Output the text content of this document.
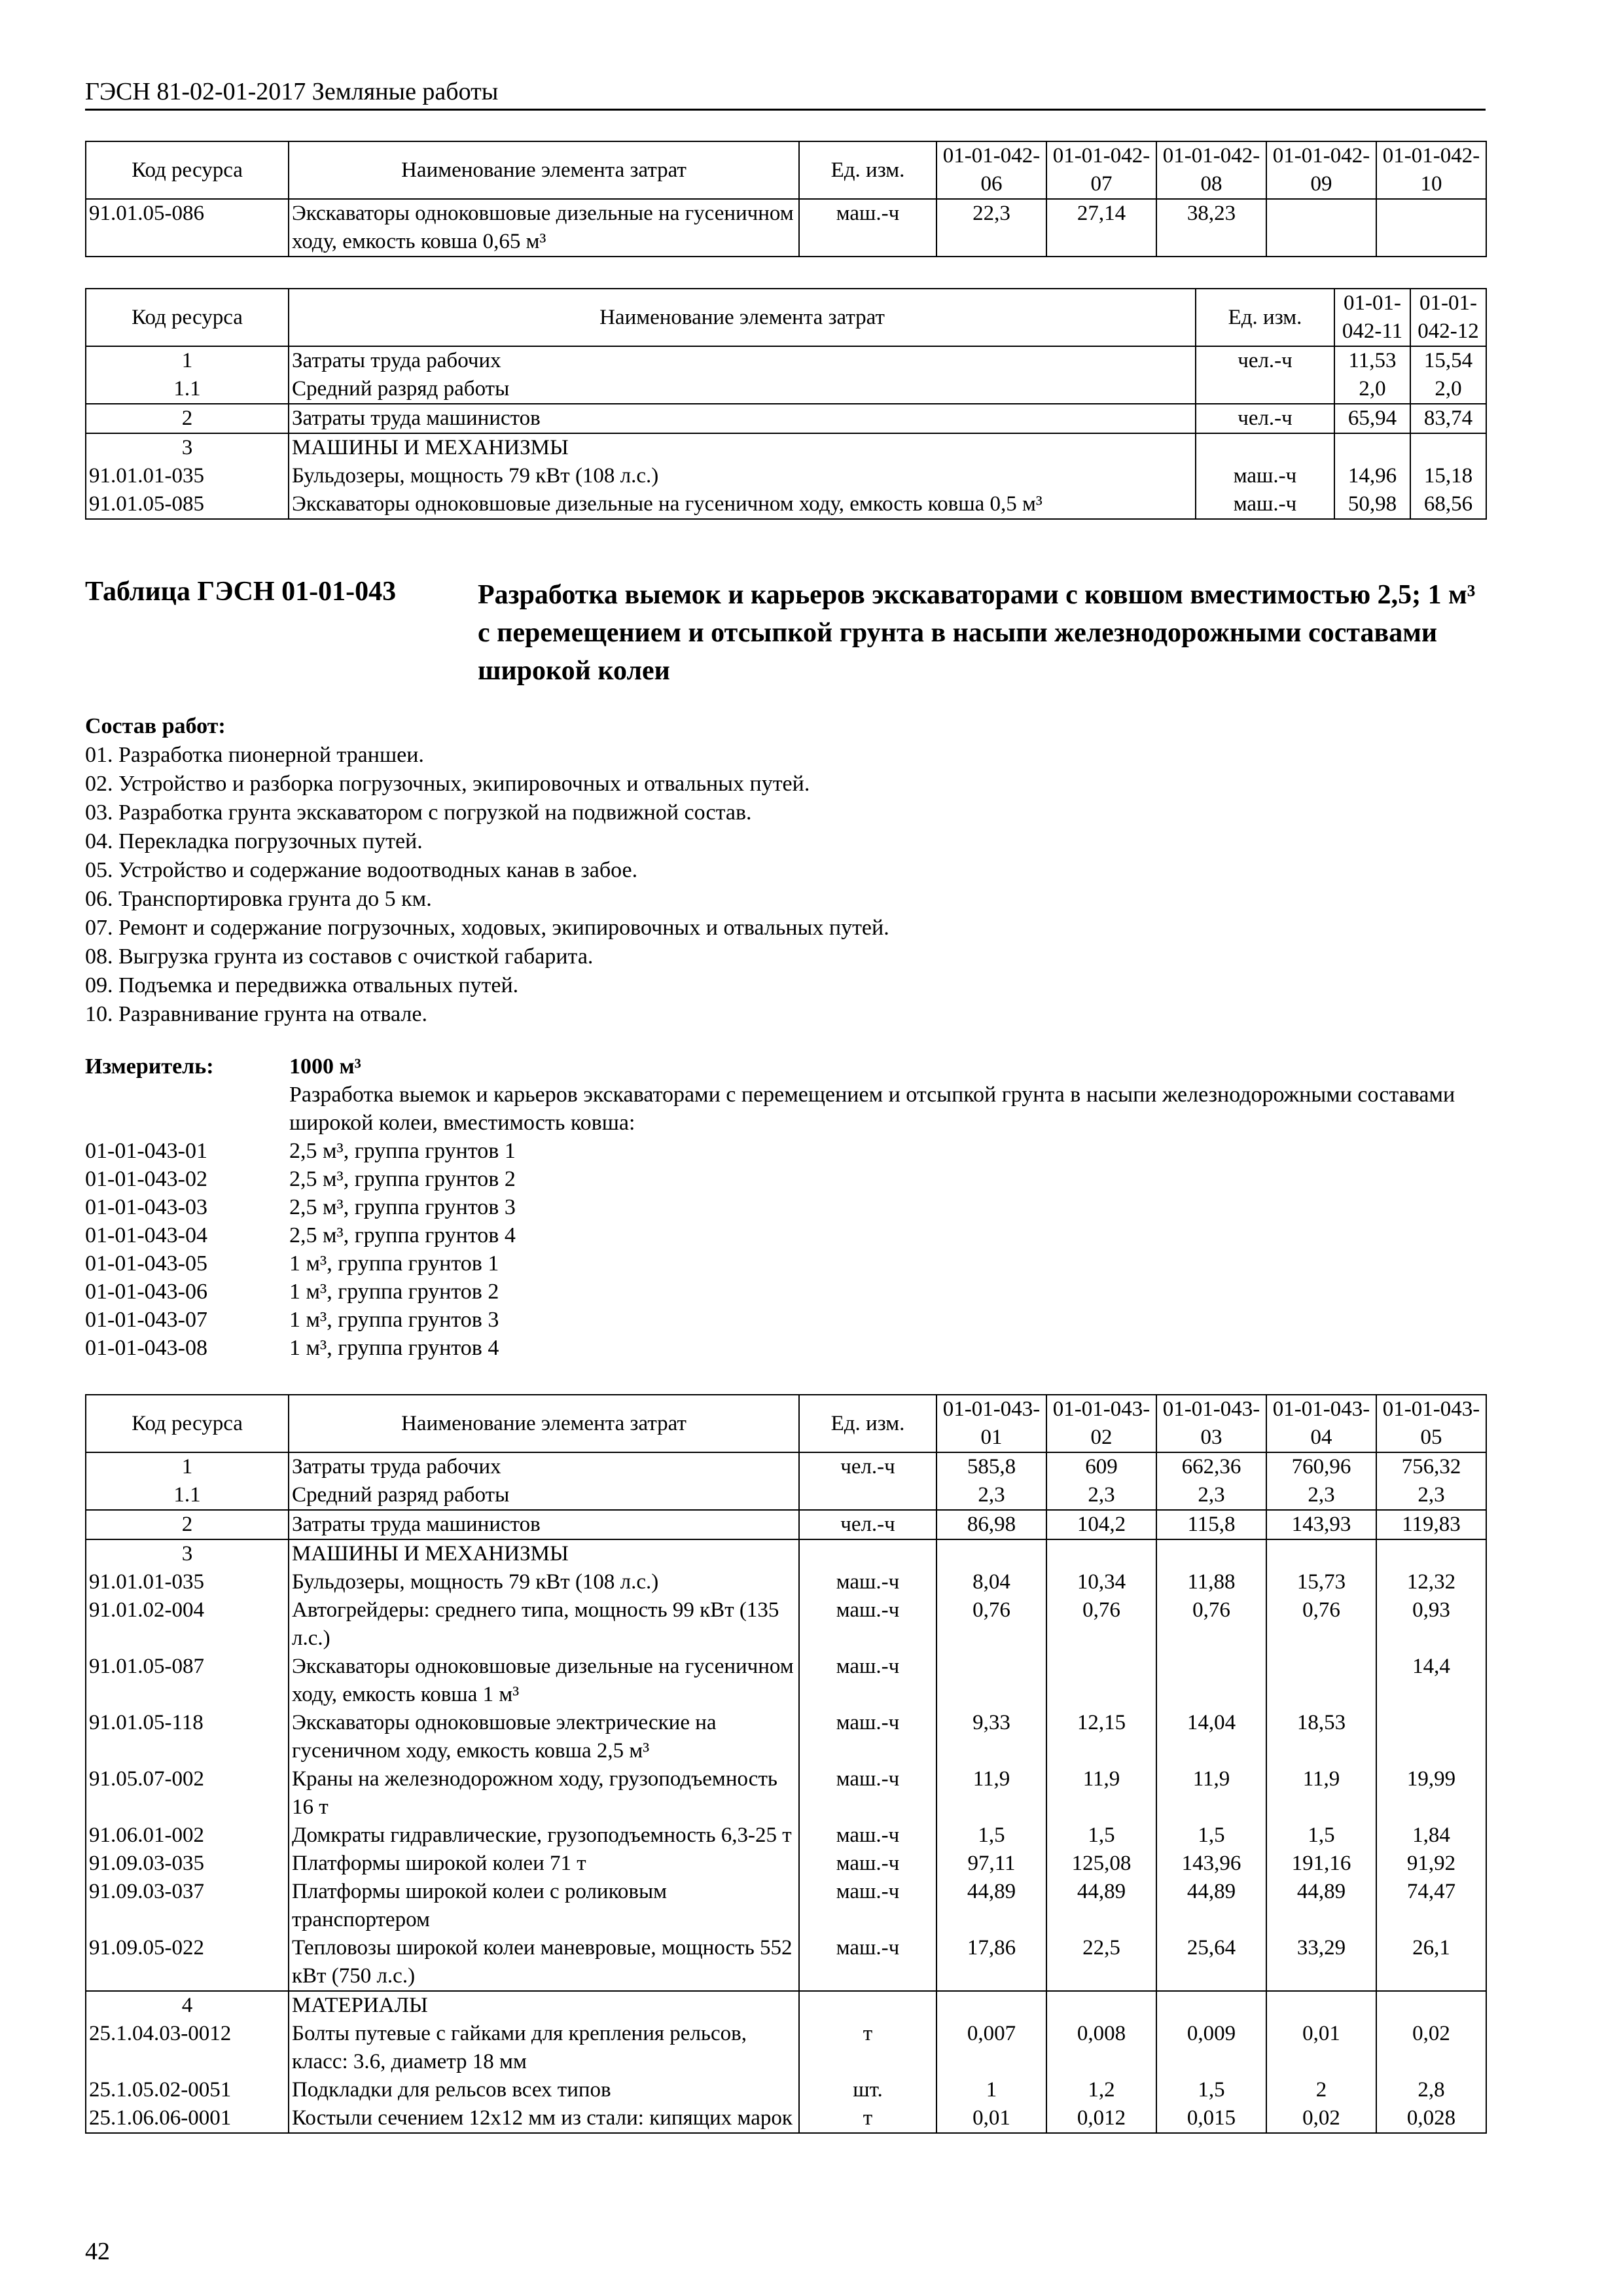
ГЭСН 81-02-01-2017 Земляные работы
Код ресурса	Наименование элемента затрат	Ед. изм.	01-01-042-06	01-01-042-07	01-01-042-08	01-01-042-09	01-01-042-10
91.01.05-086	Экскаваторы одноковшовые дизельные на гусеничном ходу, емкость ковша 0,65 м³	маш.-ч	22,3	27,14	38,23		
Код ресурса	Наименование элемента затрат	Ед. изм.	01-01-042-11	01-01-042-12
1	Затраты труда рабочих	чел.-ч	11,53	15,54
1.1	Средний разряд работы		2,0	2,0
2	Затраты труда машинистов	чел.-ч	65,94	83,74
3	МАШИНЫ И МЕХАНИЗМЫ			
91.01.01-035	Бульдозеры, мощность 79 кВт (108 л.с.)	маш.-ч	14,96	15,18
91.01.05-085	Экскаваторы одноковшовые дизельные на гусеничном ходу, емкость ковша 0,5 м³	маш.-ч	50,98	68,56
Таблица ГЭСН 01-01-043	Разработка выемок и карьеров экскаваторами с ковшом вместимостью 2,5; 1 м³ с перемещением и отсыпкой грунта в насыпи железнодорожными составами широкой колеи
Состав работ:
01. Разработка пионерной траншеи.
02. Устройство и разборка погрузочных, экипировочных и отвальных путей.
03. Разработка грунта экскаватором с погрузкой на подвижной состав.
04. Перекладка погрузочных путей.
05. Устройство и содержание водоотводных канав в забое.
06. Транспортировка грунта до 5 км.
07. Ремонт и содержание погрузочных, ходовых, экипировочных и отвальных путей.
08. Выгрузка грунта из составов с очисткой габарита.
09. Подъемка и передвижка отвальных путей.
10. Разравнивание грунта на отвале.
Измеритель:	1000 м³
Разработка выемок и карьеров экскаваторами с перемещением и отсыпкой грунта в насыпи железнодорожными составами широкой колеи, вместимость ковша:
01-01-043-01	2,5 м³, группа грунтов 1
01-01-043-02	2,5 м³, группа грунтов 2
01-01-043-03	2,5 м³, группа грунтов 3
01-01-043-04	2,5 м³, группа грунтов 4
01-01-043-05	1 м³, группа грунтов 1
01-01-043-06	1 м³, группа грунтов 2
01-01-043-07	1 м³, группа грунтов 3
01-01-043-08	1 м³, группа грунтов 4
Код ресурса	Наименование элемента затрат	Ед. изм.	01-01-043-01	01-01-043-02	01-01-043-03	01-01-043-04	01-01-043-05
1	Затраты труда рабочих	чел.-ч	585,8	609	662,36	760,96	756,32
1.1	Средний разряд работы		2,3	2,3	2,3	2,3	2,3
2	Затраты труда машинистов	чел.-ч	86,98	104,2	115,8	143,93	119,83
3	МАШИНЫ И МЕХАНИЗМЫ						
91.01.01-035	Бульдозеры, мощность 79 кВт (108 л.с.)	маш.-ч	8,04	10,34	11,88	15,73	12,32
91.01.02-004	Автогрейдеры: среднего типа, мощность 99 кВт (135 л.с.)	маш.-ч	0,76	0,76	0,76	0,76	0,93
91.01.05-087	Экскаваторы одноковшовые дизельные на гусеничном ходу, емкость ковша 1 м³	маш.-ч					14,4
91.01.05-118	Экскаваторы одноковшовые электрические на гусеничном ходу, емкость ковша 2,5 м³	маш.-ч	9,33	12,15	14,04	18,53	
91.05.07-002	Краны на железнодорожном ходу, грузоподъемность 16 т	маш.-ч	11,9	11,9	11,9	11,9	19,99
91.06.01-002	Домкраты гидравлические, грузоподъемность 6,3-25 т	маш.-ч	1,5	1,5	1,5	1,5	1,84
91.09.03-035	Платформы широкой колеи 71 т	маш.-ч	97,11	125,08	143,96	191,16	91,92
91.09.03-037	Платформы широкой колеи с роликовым транспортером	маш.-ч	44,89	44,89	44,89	44,89	74,47
91.09.05-022	Тепловозы широкой колеи маневровые, мощность 552 кВт (750 л.с.)	маш.-ч	17,86	22,5	25,64	33,29	26,1
4	МАТЕРИАЛЫ						
25.1.04.03-0012	Болты путевые с гайками для крепления рельсов, класс: 3.6, диаметр 18 мм	т	0,007	0,008	0,009	0,01	0,02
25.1.05.02-0051	Подкладки для рельсов всех типов	шт.	1	1,2	1,5	2	2,8
25.1.06.06-0001	Костыли сечением 12х12 мм из стали: кипящих марок	т	0,01	0,012	0,015	0,02	0,028
42
